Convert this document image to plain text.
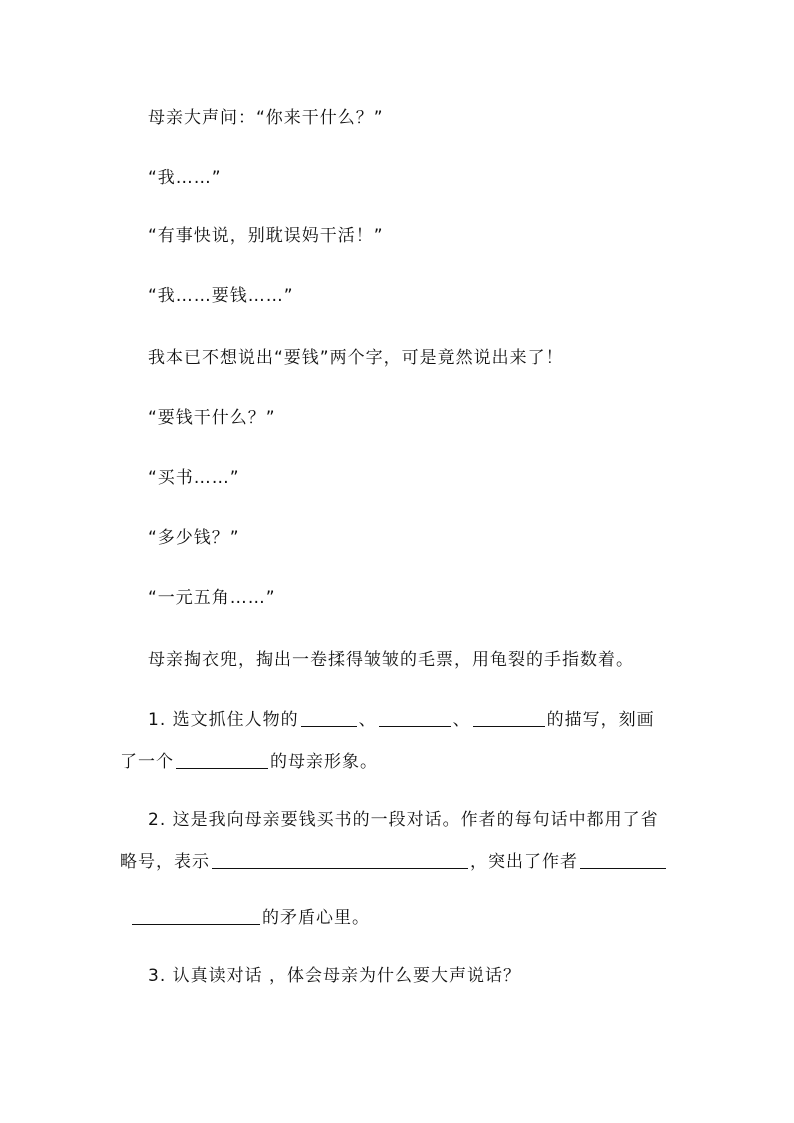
母亲大声问：“你来干什么？”
“我……”
“有事快说，别耽误妈干活！”
“我……要钱……”
我本已不想说出“要钱”两个字，可是竟然说出来了！
“要钱干什么？”
“买书……”
“多少钱？”
“一元五角……”
母亲掏衣兜，掏出一卷揉得皱皱的毛票，用龟裂的手指数着。
1. 选文抓住人物的	、	、	的描写，刻画
了一个	的母亲形象。
2. 这是我向母亲要钱买书的一段对话。作者的每句话中都用了省
略号，表示	，突出了作者
的矛盾心里。
3. 认真读对话 ，体会母亲为什么要大声说话？
